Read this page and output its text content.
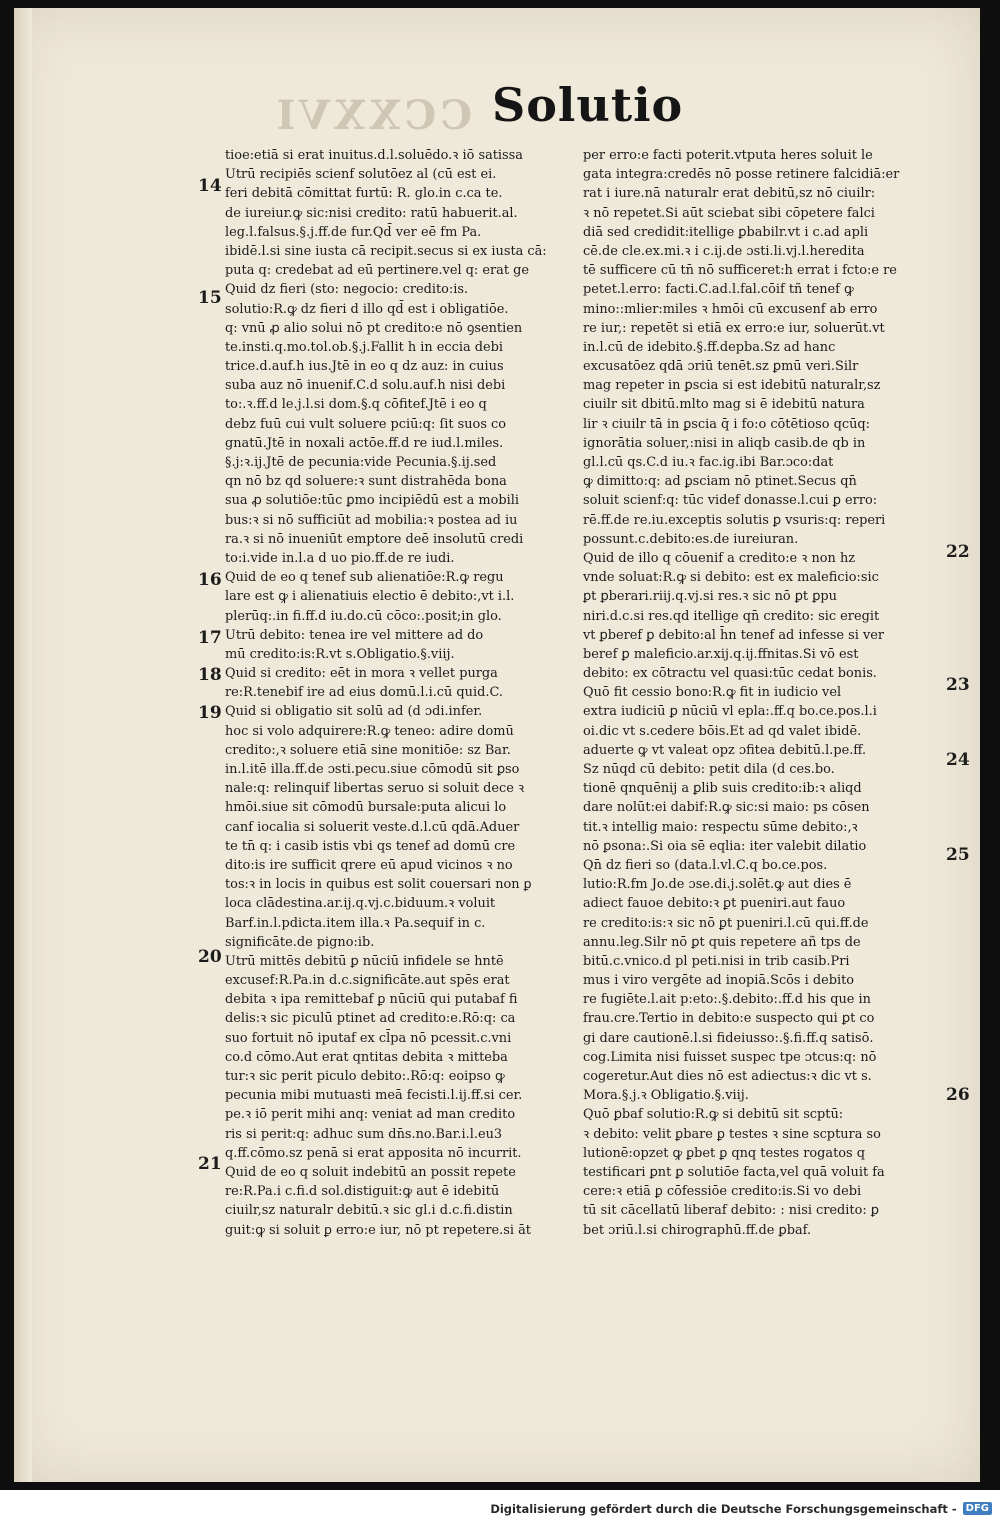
CCXXVI Solutio
tioe:etiā si erat inuitus.d.l.soluēdo.ꝛ iō satissa
Utrū recipiēs scienf solutōez al (cū est ei.
feri debitā cōmittat furtū: R. glo.in c.ca te.
de iureiur.ꝙ sic:nisi credito: ratū habuerit.al.
leg.l.falsus.§.j.ff.de fur.Qd̄ ver eē fm Pa.
ibidē.l.si sine iusta cā recipit.secus si ex iusta cā:
puta q: credebat ad eū pertinere.vel q: erat ge
Quid dz fieri (sto: negocio: credito:is.
solutio:R.ꝙ dz fieri d illo qd̄ est i obligatiōe.
q: vnū ꝓ alio solui nō pt credito:e nō ꝯsentien
te.insti.q.mo.tol.ob.§.j.Fallit h in eccia debi
trice.d.auf.h ius.Jtē in eo q dz auz: in cuius
suba auz nō inuenif.C.d solu.auf.h nisi debi
to:.ꝛ.ff.d le.j.l.si dom.§.q cōfitef.Jtē i eo q
debz fuū cui vult soluere pciū:q: ſit suos co
gnatū.Jtē in noxali actōe.ff.d re iud.l.miles.
§.j:ꝛ.ij.Jtē de pecunia:vide Pecunia.§.ij.sed
qn nō bz qd soluere:ꝛ sunt distrahēda bona
sua ꝓ solutiōe:tūc ꝑmo incipiēdū est a mobili
bus:ꝛ si nō sufficiūt ad mobilia:ꝛ postea ad iu
ra.ꝛ si nō inueniūt emptore deē insolutū credi
to:i.vide in.l.a d uo pio.ff.de re iudi.
Quid de eo q tenef sub alienatiōe:R.ꝙ regu
lare est ꝙ i alienatiuis electio ē debito:,vt i.l.
plerūq:.in fi.ff.d iu.do.cū cōco:.posit;in glo.
Utrū debito: tenea ire vel mittere ad do
mū credito:is:R.vt s.Obligatio.§.viij.
Quid si credito: eēt in mora ꝛ vellet purga
re:R.tenebif ire ad eius domū.l.i.cū quid.C.
Quid si obligatio sit solū ad (d ɔdi.infer.
hoc si volo adquirere:R.ꝙ teneo: adire domū
credito:,ꝛ soluere etiā sine monitiōe: sz Bar.
in.l.itē illa.ff.de ɔsti.pecu.siue cōmodū sit ꝑso
nale:q: relinquif libertas seruo si soluit dece ꝛ
hmōi.siue sit cōmodū bursale:puta alicui lo
canf iocalia si soluerit veste.d.l.cū qdā.Aduer
te tn̄ q: i casib istis vbi qs tenef ad domū cre
dito:is ire sufficit qrere eū apud vicinos ꝛ no
tos:ꝛ in locis in quibus est solit couersari non ꝑ
loca clādestina.ar.ij.q.vj.c.biduum.ꝛ voluit
Barf.in.l.pdicta.item illa.ꝛ Pa.sequif in c.
significāte.de pigno:ib.
Utrū mittēs debitū ꝑ nūciū infidele se hntē
excusef:R.Pa.in d.c.significāte.aut spēs erat
debita ꝛ ipa remittebaf ꝑ nūciū qui putabaf fi
delis:ꝛ sic piculū ptinet ad credito:e.Rō:q: ca
suo fortuit nō iputaf ex cl̄pa nō pcessit.c.vni
co.d cōmo.Aut erat qntitas debita ꝛ mitteba
tur:ꝛ sic perit piculo debito:.Rō:q: eoipso ꝙ
pecunia mibi mutuasti meā fecisti.l.ij.ff.si cer.
pe.ꝛ iō perit mihi anq: veniat ad man credito
ris si perit:q: adhuc sum dn̄s.no.Bar.i.l.eu3
q.ff.cōmo.sz penā si erat apposita nō incurrit.
Quid de eo q soluit indebitū an possit repete
re:R.Pa.i c.fi.d sol.distiguit:ꝙ aut ē idebitū
ciuilr,sz naturalr debitū.ꝛ sic gl.i d.c.fi.distin
guit:ꝙ si soluit ꝑ erro:e iur, nō pt repetere.si āt
per erro:e facti poterit.vtputa heres soluit le
gata integra:credēs nō posse retinere falcidiā:er
rat i iure.nā naturalr erat debitū,sz nō ciuilr:
ꝛ nō repetet.Si aūt sciebat sibi cōpetere falci
diā sed credidit:itellige ꝑbabilr.vt i c.ad apli
cē.de cle.ex.mi.ꝛ i c.ij.de ɔsti.li.vj.l.heredita
tē sufficere cū tn̄ nō sufficeret:h errat i fcto:e re
petet.l.erro: facti.C.ad.l.fal.cōif tñ tenef ꝙ
mino::mlier:miles ꝛ hmōi cū excusenf ab erro
re iur,: repetēt si etiā ex erro:e iur, soluerūt.vt
in.l.cū de idebito.§.ff.depba.Sz ad hanc
excusatōez qdā ɔriū tenēt.sz ꝑmū veri.Silr
mag repeter in ꝑscia si est idebitū naturalr,sz
ciuilr sit dbitū.mlto mag si ē idebitū natura
lir ꝛ ciuilr tā in ꝑscia q̄ i fo:o cōtētioso qcūq:
ignorātia soluer,:nisi in aliqb casib.de qb in
gl.l.cū qs.C.d iu.ꝛ fac.ig.ibi Bar.ɔco:dat
ꝙ dimitto:q: ad ꝑsciam nō ptinet.Secus qn̄
soluit scienf:q: tūc videf donasse.l.cui ꝑ erro:
rē.ff.de re.iu.exceptis solutis ꝑ vsuris:q: reperi
possunt.c.debito:es.de iureiuran.
Quid de illo q cōuenif a credito:e ꝛ non hz
vnde soluat:R.ꝙ si debito: est ex maleficio:sic
ꝑt ꝑberari.riij.q.vj.si res.ꝛ sic nō ꝑt ꝑpu
niri.d.c.si res.qd itellige qn̄ credito: sic eregit
vt ꝑberef ꝑ debito:al h̄n tenef ad infesse si ver
beref ꝑ maleficio.ar.xij.q.ij.ffnitas.Si vō est
debito: ex cōtractu vel quasi:tūc cedat bonis.
Quō fit cessio bono:R.ꝙ fit in iudicio vel
extra iudiciū ꝑ nūciū vl epla:.ff.q bo.ce.pos.l.i
oi.dic vt s.cedere bōis.Et ad qd valet ibidē.
aduerte ꝙ vt valeat opz ɔfitea debitū.l.pe.ff.
Sz nūqd cū debito: petit dila (d ces.bo.
tionē qnquēnij a ꝑlib suis credito:ib:ꝛ aliqd
dare nolūt:ei dabif:R.ꝙ sic:si maio: ps cōsen
tit.ꝛ intellig maio: respectu sūme debito:,ꝛ
nō ꝑsona:.Si oia sē eqlia: iter valebit dilatio
Qn̄ dz fieri so (data.l.vl.C.q bo.ce.pos.
lutio:R.fm Jo.de ɔse.di.j.solēt.ꝙ aut dies ē
adiect fauoe debito:ꝛ ꝑt pueniri.aut fauo
re credito:is:ꝛ sic nō ꝑt pueniri.l.cū qui.ff.de
annu.leg.Silr nō ꝑt quis repetere añ tps de
bitū.c.vnico.d pl peti.nisi in trib casib.Pri
mus i viro vergēte ad inopiā.Scōs i debito
re fugiēte.l.ait p:eto:.§.debito:.ff.d his que in
frau.cre.Tertio in debito:e suspecto qui ꝑt co
gi dare cautionē.l.si fideiusso:.§.fi.ff.q satisō.
cog.Limita nisi fuisset suspec tpe ɔtcus:q: nō
cogeretur.Aut dies nō est adiectus:ꝛ dic vt s.
Mora.§.j.ꝛ Obligatio.§.viij.
Quō ꝑbaf solutio:R.ꝙ si debitū sit scptū:
ꝛ debito: velit ꝑbare ꝑ testes ꝛ sine scptura so
lutionē:opzet ꝙ ꝑbet ꝑ qnq testes rogatos q
testificari ꝑnt ꝑ solutiōe facta,vel quā voluit fa
cere:ꝛ etiā ꝑ cōfessiōe credito:is.Si vo debi
tū sit cācellatū liberaf debito: : nisi credito: ꝑ
bet ɔriū.l.si chirographū.ff.de ꝑbaf.
14
15
16
17
18
19
20
21
22
23
24
25
26
Digitalisierung gefördert durch die Deutsche Forschungsgemeinschaft - DFG
